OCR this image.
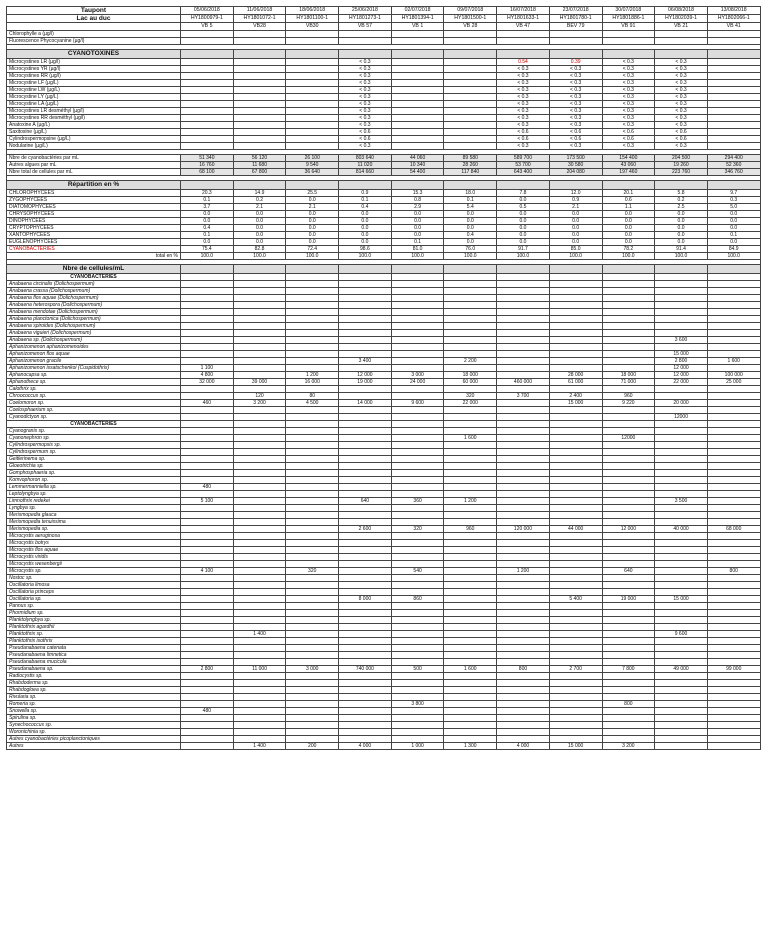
Taupont	05/06/2018	11/06/2018	18/06/2018	25/06/2018	02/07/2018	09/07/2018	16/07/2018	23/07/2018	30/07/2018	06/08/2018	13/08/2018
Lac au duc	HY1800979-1	HY1801072-1	HY1801100-1	HY1801273-1	HY1801394-1	HY1801500-1	HY1801633-1	HY1801780-1	HY1801886-1	HY1802039-1	HY1802066-1
	VB 5	VB28	VB30	VB 57	VB 1	VB 28	VB 47	BEV 79	VB 91	VB 21	VB 41
Chlorophylle a (µg/l)											
Fluorescence Phycocyanine (µg/l)											

CYANOTOXINES											
Microcystines LR (µg/l)				< 0.3			0.54	0.39	< 0.3	< 0.3	
Microcystines YR (µg/l)				< 0.3			< 0.3	< 0.3	< 0.3	< 0.3	
Microcystines RR (µg/l)				< 0.3			< 0.3	< 0.3	< 0.3	< 0.3	
Microcystine LF (µg/L)				< 0.3			< 0.3	< 0.3	< 0.3	< 0.3	
Microcystine LW (µg/L)				< 0.3			< 0.3	< 0.3	< 0.3	< 0.3	
Microcystine LY (µg/L)				< 0.3			< 0.3	< 0.3	< 0.3	< 0.3	
Microcystine LA (µg/L)				< 0.3			< 0.3	< 0.3	< 0.3	< 0.3	
Microcystines LR desméthyl (µg/l)				< 0.3			< 0.3	< 0.3	< 0.3	< 0.3	
Microcystines RR desméthyl (µg/l)				< 0.3			< 0.3	< 0.3	< 0.3	< 0.3	
Anatoxine A (µg/L)				< 0.3			< 0.3	< 0.3	< 0.3	< 0.3	
Saxitoxine (µg/L)				< 0.6			< 0.6	< 0.6	< 0.6	< 0.6	
Cylindrospermopsine (µg/L)				< 0.6			< 0.6	< 0.6	< 0.6	< 0.6	
Nodularine (µg/L)				< 0.3			< 0.3	< 0.3	< 0.3	< 0.3	

Nbre de cyanobactéries par mL	51 340	56 120	26 100	803 640	44 060	89 580	589 700	173 500	154 400	204 500	294 400
Autres algues par mL	16 760	11 680	9 540	11 020	10 340	28 260	53 700	30 580	43 060	19 260	52 360
Nbre total de cellules par mL	68 100	67 800	36 640	814 660	54 400	117 840	643 400	204 080	197 460	223 760	346 760

Répartition en %											
CHLOROPHYCEES	20.3	14.9	25.5	0.9	15.3	18.0	7.8	12.0	20.1	5.8	9.7
ZYGOPHYCEES	0.1	0.2	0.0	0.1	0.8	0.1	0.0	0.9	0.6	0.2	0.3
DIATOMOPHYCEES	3.7	2.1	2.1	0.4	2.9	5.4	0.5	2.1	1.1	2.5	5.0
CHRYSOPHYCEES	0.0	0.0	0.0	0.0	0.0	0.0	0.0	0.0	0.0	0.0	0.0
DINOPHYCEES	0.0	0.0	0.0	0.0	0.0	0.0	0.0	0.0	0.0	0.0	0.0
CRYPTOPHYCEES	0.4	0.0	0.0	0.0	0.0	0.0	0.0	0.0	0.0	0.0	0.0
XANTOPHYCEES	0.1	0.0	0.0	0.0	0.0	0.4	0.0	0.0	0.0	0.0	0.1
EUGLENOPHYCEES	0.0	0.0	0.0	0.0	0.1	0.0	0.0	0.0	0.0	0.0	0.0
CYANOBACTERIES	75.4	82.8	72.4	98.6	81.0	76.0	91.7	85.0	78.2	91.4	84.9
total en %	100.0	100.0	100.0	100.0	100.0	100.0	100.0	100.0	100.0	100.0	100.0

Nbre de cellules/mL											
CYANOBACTERIES											
Anabaena circinalis (Dolichospermum)											
Anabaena crassa (Dolichospermum)											
Anabaena flos aquae (Dolichospermum)											
Anabaena heterospora (Dolichospermum)											
Anabaena mendotae (Dolichospermum)											
Anabaena planctonica (Dolichospermum)											
Anabaena spiroides (Dolichospermum)											
Anabaena viguieri (Dolichospermum)											
Anabaena sp. (Dolichospermum)										3 600	
Aphanizomenon aphanizomenoides											
Aphanizomenon flos aquae										15 000	
Aphanizomenon gracile				3 400		2 200				2 800	1 600
Aphanizomenon issatschenkoi (Cuspidothrix)	1 100									12 000	
Aphanocapsa sp.	4 800		1 200	12 000	3 000	18 000		28 000	18 000	12 000	100 000
Aphanothece sp.	32 000	39 000	16 000	19 000	24 000	60 000	460 000	61 000	71 000	22 000	25 000
Calothrix sp.											
Chroococcus sp.		120	80			320	3 700	2 400	960		
Coelomoron sp.	460	3 200	4 500	14 000	9 600	22 000		15 000	9 220	20 000	
Coelosphaerium sp.											
Cyanodictyon sp.										12000	
CYANOBACTERIES											
Cyanogranis sp.											
Cyanonephron sp.						1 600			12000		
Cylindrospermopsis sp.											
Cylindrospermum sp.											
Geitlerinema sp.											
Gloeotrichia sp.											
Gomphosphaeria sp.											
Komvophoron sp.											
Lemmermanniella sp.	480										
Leptolyngbya sp.											
Limnothrix redekei	5 100			640	360	1 200				3 500	
Lyngbya sp.											
Merismopedia glauca											
Merismopedia tenuissima											
Merismopedia sp.				2 600	320	960	120 000	44 000	12 000	40 000	68 000
Microcystis aeruginosa											
Microcystis botrys											
Microcystis flos aquae											
Microcystis viridis											
Microcystis wesenbergii											
Microcystis sp.	4 100		320		540		1 200		640		800
Nostoc sp.											
Oscillatoria limosa											
Oscillatoria princeps											
Oscillatoria sp.				8 000	860			5 400	19 000	15 000	
Pannus sp.											
Phormidium sp.											
Planktolyngbya sp.											
Planktothrix agardhii											
Planktothrix sp.		1 400								9 600	
Planktothrix isothrix											
Pseudanabaena catenata											
Pseudanabaena limnetica											
Pseudanabaena mucicola											
Pseudanabaena sp.	2 800	11 000	3 000	740 000	500	1 600	800	2 700	7 800	49 000	99 000
Radiocystis sp.											
Rhabdoderma sp.											
Rhabdogloea sp.											
Rivularia sp.											
Romeria sp.					3 800				800		
Snowella sp.	480										
Spirulina sp.											
Synechococcus sp.											
Woronichinia sp.											
Autres cyanobactéries picoplanctoniques											
Autres		1 400	200	4 000	1 000	1 300	4 000	15 000	3 200		
